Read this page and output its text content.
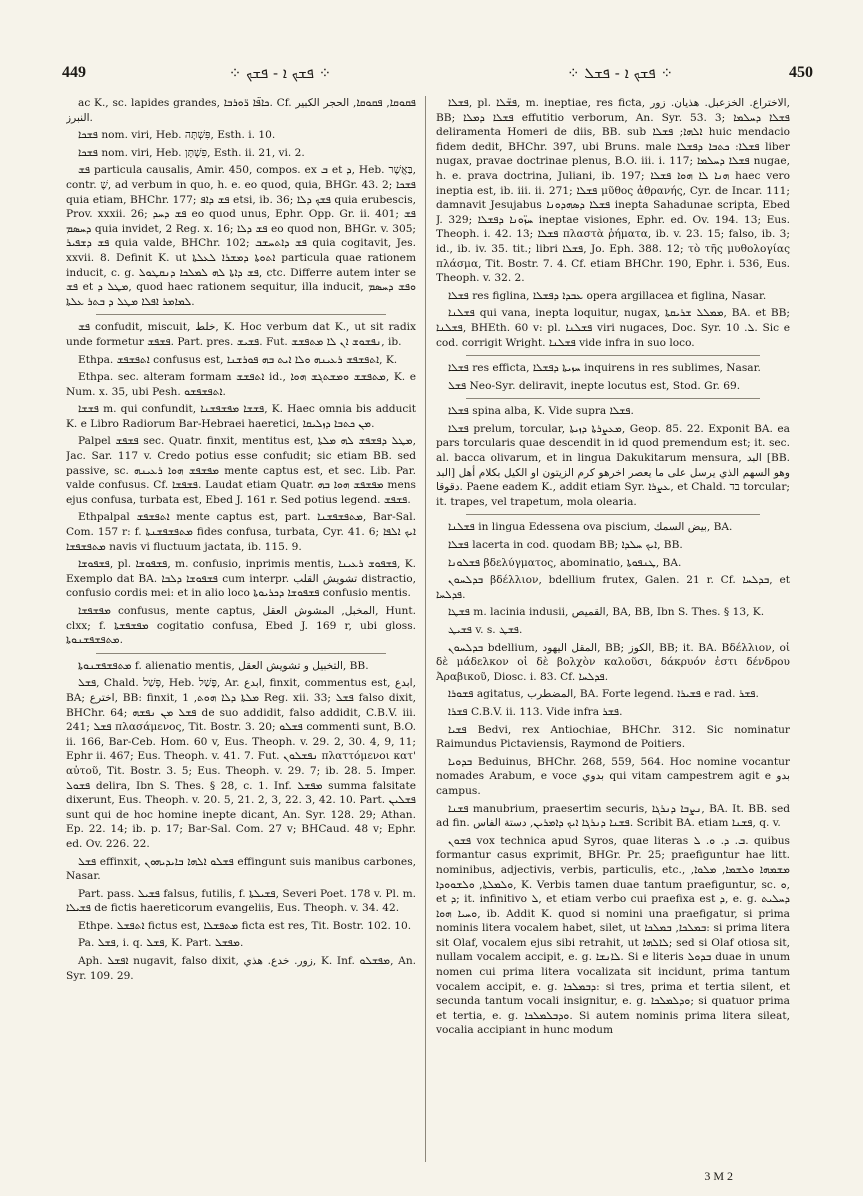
449	⁘ ܦܫܟ ܐ - ܦܫܟ ⁘	⁘ ܦܫܟ ܐ - ܦܫܠ ⁘	450

ac K., sc. lapides grandes, ܟܐܦ̈ܐ ܪ̈ܘܪܒܐ. Cf. ܦܩܘܩܐ, ܦܩܘܩܐ, الحجر الكبير النبرز.

ܦܫܟܐ nom. viri, Heb. פִּשְׁתָּה, Esth. i. 10.

ܦܫܟܐ nom. viri, Heb. פִּשְׁתָּן, Esth. ii. 21, vi. 2.

ܦܫ particula causalis, Amir. 450, compos. ex ܒ et ܕ, Heb. בַּאֲשֶׁר, contr. שֶׁ, ad verbum in quo, h. e. eo quod, quia, BHGr. 43. 2; ܦܫܟܐ quia etiam, BHChr. 177; ܦܫ ܕܐܦ etsi, ib. 36; ܦܫܟ ܕܠܐ quia erubescis, Prov. xxxii. 26; ܦܫ ܕܚܕ eo quod unus, Ephr. Opp. Gr. ii. 401; ܦܫ ܕܚܣܡ quia invidet, 2 Reg. x. 16; ܦܫ ܕܠܐ eo quod non, BHGr. v. 305; ܦܫ ܕܫܦܝܪ quia valde, BHChr. 102; ܦܫ ܕܐܬܚܫܒ quia cogitavit, Jes. xxvii. 8. Definit K. ut ܐܬܘܬܐ ܕܡܫܪܐ ܠܥܠܬܐ particula quae rationem inducit, c. g. ܦܫ ܕܐܬܐ ܠܗ ܠܡܠܟܐ ܕܢܩܛܘܠ, ctc. Differre autem inter se ܦܫ et ܡܛܠ ܕ, quod haec rationem sequitur, illa inducit, ܘܦܫ ܕܚܣܡ ܠܡܐܡܪ ܐܦܠܐ ܡܛܠ ܕ ܒܬܪ ܥܠܬܐ.

ܦܫ confudit, miscuit, خلط, K. Hoc verbum dat K., ut sit radix unde formetur ܦܫܦܫ. Part. pres. ܦܫܝܫ. Fut. ܢܦܫܘܫ ܐܢ ܠܐ ܡܬܦܫܫ, ib.

Ethpa. ܐܬܦܫܦܫ confusus est, ܐܬܦܫܦܫ ܪܥܝܢܗ ܘܠܐ ܐܝܬ ܒܗ ܦܘܪܫܢܐ, K.

Ethpa. sec. alteram formam ܐܬܦܫܫ id., ܡܬܦܫܫ ܘܡܫܬܓܫ ܗܘܐ, K. e Num. x. 35, ubi Pesh. ܐܬܦܫܦܫܘ.

ܦܫܫܐ m. qui confundit, ܦܫܫܐ ܡܦܫܦܫܢܐ, K. Haec omnia bis adducit K. e Libro Radiorum Bar-Hebraei haeretici, ܡܢ ܟܬܒܐ ܕܙܠܝܩܐ.

Palpel ܦܫܦܫ sec. Quatr. finxit, mentitus est, ܡܛܠ ܕܦܫܦܫ ܠܗ ܡܠܬܐ, Jac. Sar. 117 v. Credo potius esse confudit; sic etiam BB. sed passive, sc. ܡܦܫܦܫ ܗܘܐ ܪܥܝܢܗ mente captus est, et sec. Lib. Par. valde confusus. Cf. ܦܫܦܫܐ. Laudat etiam Quatr. ܡܦܫܦܫ ܗܘܐ ܒܗ mens ejus confusa, turbata est, Ebed J. 161 r. Sed potius legend. ܦܫܦܫ.

Ethpalpal ܐܬܦܫܦܫ mente captus est, part. ܡܬܦܫܦܫܢܐ, Bar-Sal. Com. 157 r: f. ܡܬܦܫܦܫܢܬܐ fides confusa, turbata, Cyr. 41. 6; ܐܝܟ ܐܠܦܐ ܡܬܦܫܦܫܐ navis vi fluctuum jactata, ib. 115. 9.

ܦܫܦܘܫܐ, pl. ܦܫܦܘܫܐ, m. confusio, inprimis mentis, ܦܫܦܘܫ ܪܥܝܢܐ, K. Exemplo dat BA. ܦܫܦܘܫܐ ܕܠܒܐ cum interpr. تشويش القلب distractio, confusio cordis mei: et in alio loco ܦܫܦܘܫܐ ܕܟܪܝܘܬܐ confusio mentis.

ܡܦܫܦܫܐ confusus, mente captus, المخبل, المشوش العقل, Hunt. clxx; f. ܡܦܫܦܫܬܐ cogitatio confusa, Ebed J. 169 r, ubi gloss. ܡܬܦܫܦܫܢܘܬܐ.

ܡܬܦܫܦܫܢܘܬܐ f. alienatio mentis, التخبيل و تشويش العقل, BB.

ܦܫܠ, Chald. פְּשַׁל, Heb. פָּשַׁל, Ar. ابدع, finxit, commentus est, ابدع, BA; اخترع, BB: finxit, ܡܠܬܐ ܕܠܐ ܗܘܬ, 1 Reg. xii. 33; ܦܫܠ falso dixit, BHChr. 64; ܦܫܠ ܡܢ ܢܦܫܗ de suo addidit, falso addidit, C.B.V. iii. 241; ܦܫܠ πλασάμενος, Tit. Bostr. 3. 20; ܦܫܠܘ commenti sunt, B.O. ii. 166, Bar-Ceb. Hom. 60 v, Eus. Theoph. v. 29. 2, 30. 4, 9, 11; Ephr ii. 467; Eus. Theoph. v. 41. 7. Fut. ܢܦܫܠܘܢ πλαττόμενοι κατ' αὐτοῦ, Tit. Bostr. 3. 5; Eus. Theoph. v. 29. 7; ib. 28. 5. Imper. ܦܫܘܠ delira, Ibn S. Thes. § 28, c. 1. Inf. ܡܦܫܠ summa falsitate dixerunt, Eus. Theoph. v. 20. 5, 21. 2, 3, 22. 3, 42. 10. Part. ܦܫܠܝܢ sunt qui de hoc homine inepte dicant, An. Syr. 128. 29; Athan. Ep. 22. 14; ib. p. 17; Bar-Sal. Com. 27 v; BHCaud. 48 v; Ephr. ed. Ov. 226. 22.

ܦܫܠ effinxit, ܦܫܠܘ ܐܠܗܐ ܒܐܝܕܝܗܘܢ effingunt suis manibus carbones, Nasar.

Part. pass. ܦܫܝܠ falsus, futilis, f. ܦܫܝܠܬܐ, Severi Poet. 178 v. Pl. m. ܦܫܝܠܐ de fictis haereticorum evangeliis, Eus. Theoph. v. 34. 42.

Ethpe. ܐܬܦܫܠ fictus est, ܡܬܦܫܠܐ ficta est res, Tit. Bostr. 102. 10.

Pa. ܦܫܠ, i. q. ܦܫܠ, K. Part. ܡܦܫܠ.

Aph. ܐܦܫܠ nugavit, falso dixit, زور. خدع. هذي, K. Inf. ܡܦܫܠܘ, An. Syr. 109. 29.

ܦܫܠܐ, pl. ܦܫ̈ܠܐ, m. ineptiae, res ficta, الاختراع. الخزعبل. هذيان. زور, BB; ܦܫܠܐ ܕܡܠܐ effutitio verborum, An. Syr. 53. 3; ܦܫܠܐ ܕܚܠܡܐ deliramenta Homeri de diis, BB. sub ܐܠܗܐ; ܦܫܠܐ huic mendacio fidem dedit, BHChr. 397, ubi Bruns. male ܦܫܠܐ: ܟܬܒܐ ܕܦܫܠܐ liber nugax, pravae doctrinae plenus, B.O. iii. i. 117; ܦܫܠܐ ܕܚܠܡܐ nugae, h. e. prava doctrina, Juliani, ib. 197; ܗܢܐ ܠܐ ܗܘܐ ܦܫܠܐ haec vero ineptia est, ib. iii. ii. 271; ܦܫܠܐ μῦθος ἀθρανής, Cyr. de Incar. 111; damnavit Jesujabus ܦܫܠܐ ܕܣܗܕܘܢܐ inepta Sahadunae scripta, Ebed J. 329; ܚܙ̈ܘܢܐ ܕܦܫܠܐ ineptae visiones, Ephr. ed. Ov. 194. 13; Eus. Theoph. i. 42. 13; ܦܫܠܐ πλαστὰ ῥήματα, ib. v. 23. 15; falso, ib. 3; id., ib. iv. 35. tit.; libri ܦܫܠܐ, Jo. Eph. 388. 12; τὸ τῆς μυθολογίας πλάσμα, Tit. Bostr. 7. 4. Cf. etiam BHChr. 190, Ephr. i. 536, Eus. Theoph. v. 32. 2.

ܦܫܠܐ res figlina, ܥܒܕܐ ܕܦܫܠܐ opera argillacea et figlina, Nasar.

ܦܫܠܢܐ qui vana, inepta loquitur, nugax, ܡܡܠܠ ܫܪܝܩܬܐ, BA. et BB; ܦܫܠܢܐ, BHEth. 60 v: pl. ܦܫܠܢܐ viri nugaces, Doc. Syr. ܠ. 10. Sic e cod. corrigit Wright. ܦܫܠܢܐ vide infra in suo loco.

ܦܫܠܐ res efficta, ܚܙܝܬܐ ܕܦܫܠܐ inquirens in res sublimes, Nasar.

ܦܫܠ Neo-Syr. deliravit, inepte locutus est, Stod. Gr. 69.

ܦܫܠܐ spina alba, K. Vide supra ܦܫܠܐ.

ܦܫܠܐ prelum, torcular, ܡܥܨܪܬܐ ܕܙܝܬܐ, Geop. 85. 22. Exponit BA. ea pars torcularis quae descendit in id quod premendum est; it. sec. al. bacca olivarum, et in lingua Dakukitarum mensura, البد [BB. البد] وهو السهم الذي يرسل على ما يعصر اخرهو كرم الزيتون او الكيل بكلام أهل دقوقا. Paene eadem K., addit etiam Syr. ܥܨܪܐ, et Chald. בד torcular; it. trapes, vel trapetum, mola olearia.

ܦܫܠܢܐ in lingua Edessena ova piscium, بيض السمك, BA.

ܦܫܠܐ lacerta in cod. quodam BB; ܐܝܟ ܚܠܕܐ, BB.

ܦܫܠܘܢܐ βδελύγματος, abominatio, ܛܢܦܘܬܐ, BA.

ܒܕܠܚܘܢ βδέλλιον, bdellium frutex, Galen. 21 r. Cf. ܒܕܠܚܐ, et ܦܕܠܚܐ.

ܦܫܛܐ m. lacinia indusii, القميص, BA, BB, Ibn S. Thes. § 13, K.

ܦܫܝܛ v. s. ܦܫܛ.

ܒܕܠܚܘܢ bdellium, المقل اليهود, BB; الكوز, BB; it. BA. Βδέλλιον, οἱ δὲ μάδελκον οἱ δὲ βολχὸν καλοῦσι, δάκρυόν ἐστι δένδρου Ἀραβικοῦ, Diosc. i. 83. Cf. ܦܕܠܚܐ.

ܦܫܘܪܐ agitatus, المضطرب, BA. Forte legend. ܦܫܝܪܐ e rad. ܦܫܪ.

ܦܫܪܐ C.B.V. ii. 113. Vide infra ܦܫܪ.

ܦܫܝܐ Bedvi, rex Antiochiae, BHChr. 312. Sic nominatur Raimundus Pictaviensis, Raymond de Poitiers.

ܒܕܘܝܐ Beduinus, BHChr. 268, 559, 564. Hoc nomine vocantur nomades Arabum, e voce بدوي qui vitam campestrem agit e بدو campus.

ܦܫܢܐ manubrium, praesertim securis, ܢܨܒܐ ܕܢܪܓܐ, BA. It. BB. sed ad fin. ܦܫܢܐ ܕܢܪܓܐ ܐܝܟ ܕܐܡܪܝܢ, دستة الفاس. Scribit BA. etiam ܦܫܢܐ, q. v.

ܦܫܘܢ vox technica apud Syros, quae literas ܒ. ܕ. ܘ. ܠ. quibus formantur casus exprimit, BHGr. Pr. 25; praefiguntur hae litt. nominibus, adjectivis, verbis, particulis, etc., ܡܫܡܗܐ ܘܠܫܡܐ, ܡܠܘܐ, ܘܠܡܠܬܐ, ܘܠܫܘܘܕܐ, K. Verbis tamen duae tantum praefiguntur, sc. ܘ, et ܕ; it. infinitivo ܠ, et etiam verbo cui praefixa est ܕ, e. g. ܕܚܠܝܬ ܘܚܝܐ ܗܘܐ, ib. Addit K. quod si nomini una praefigatur, si prima nominis litera vocalem habet, silet, ut ܒܡܠܟܐ, ܒܡܠܟܐ: si prima litera sit Olaf, vocalem ejus sibi retrahit, ut ܠܐܠܗܐ; sed si Olaf otiosa sit, nullam vocalem accipit, e. g. ܠܐܢܫܐ. Si e literis ܒܕܘܠ duae in unum nomen cui prima litera vocalizata sit incidunt, prima tantum vocalem accipit, e. g. ܕܒܡܠܟܐ: si tres, prima et tertia silent, et secunda tantum vocali insignitur, e. g. ܘܕܠܡܠܟܐ; si quatuor prima et tertia, e. g. ܘܕܒܠܡܠܟܐ. Si autem nominis prima litera sileat, vocalia accipiant in hunc modum

3 M 2
